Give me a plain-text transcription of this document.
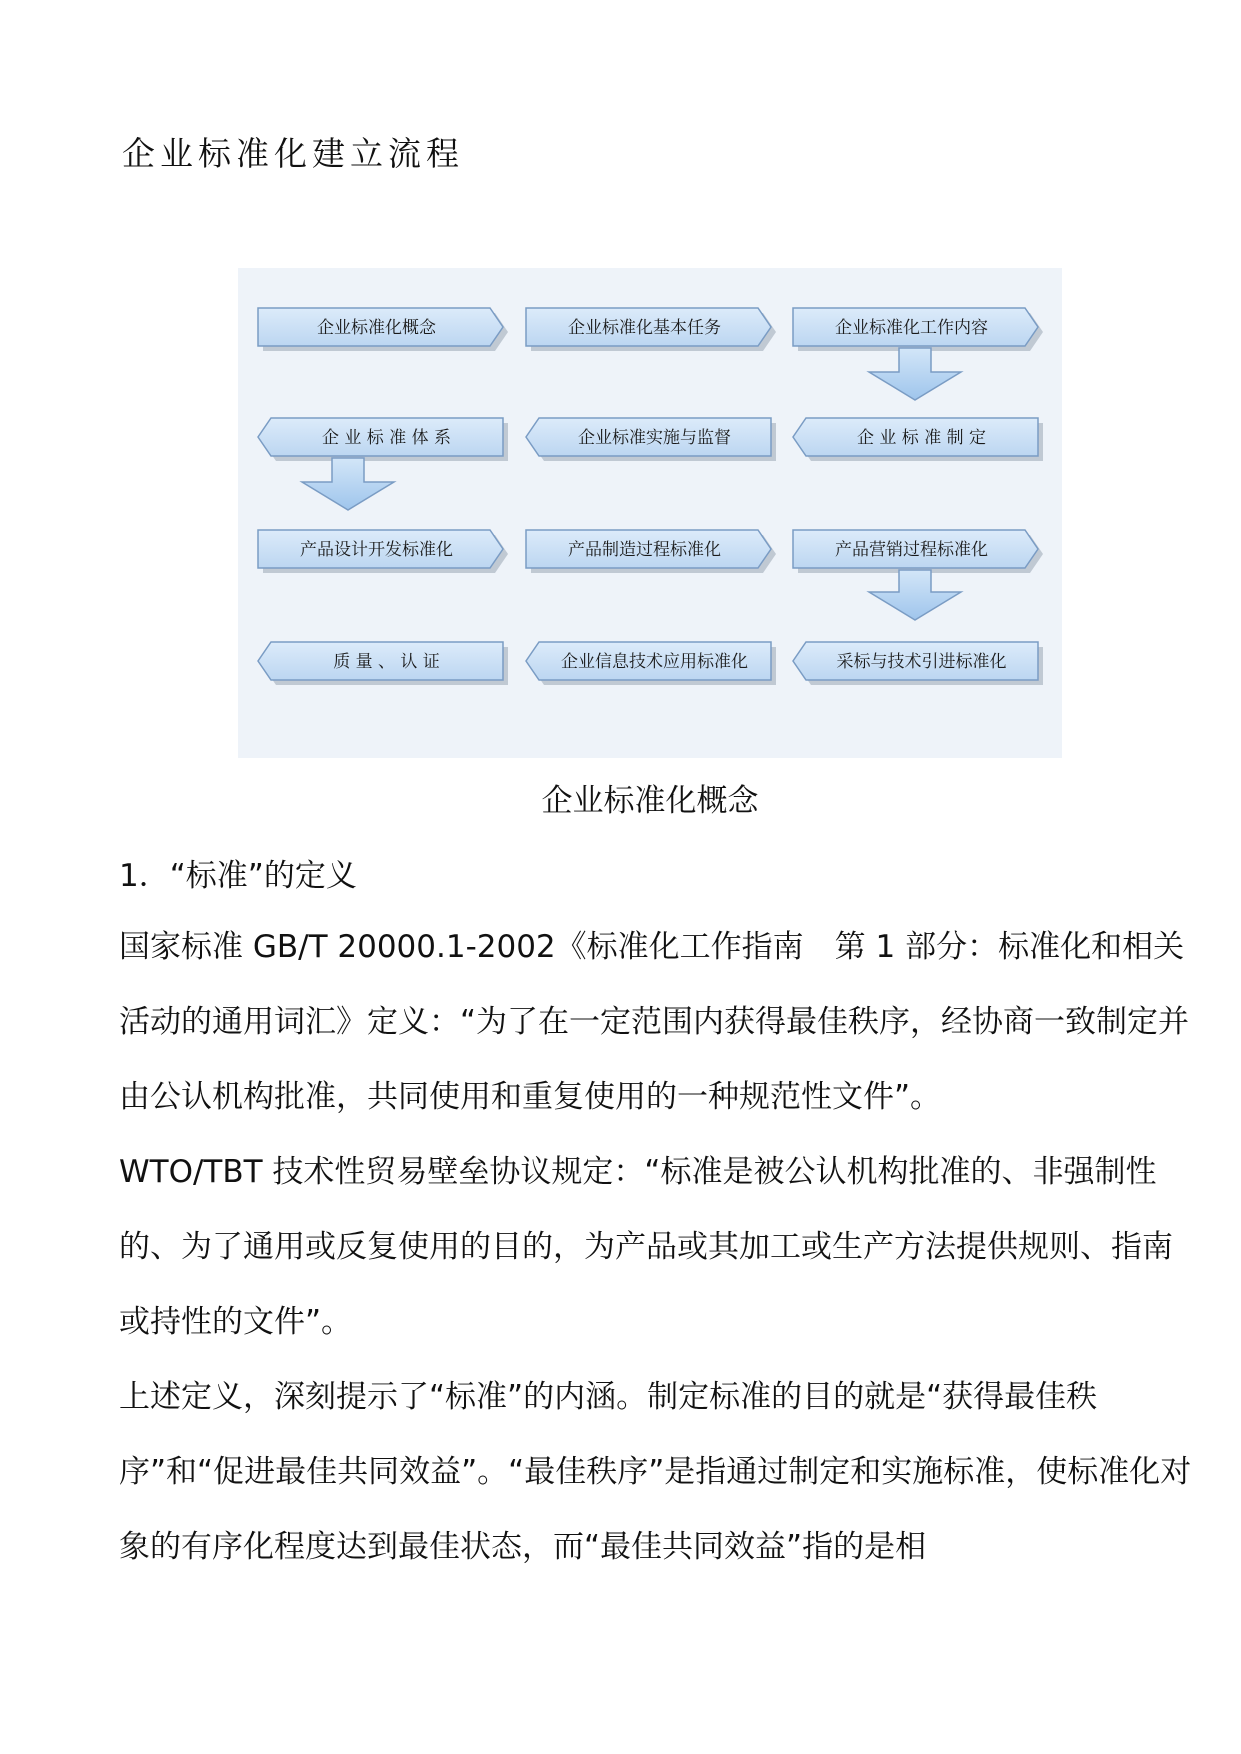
企业标准化建立流程
企业标准化概念	企业标准化基本任务	企业标准化工作内容
企 业 标 准 体 系	企业标准实施与监督	企 业 标 准 制 定
产品设计开发标准化	产品制造过程标准化	产品营销过程标准化
质 量 、 认 证	企业信息技术应用标准化	采标与技术引进标准化
企业标准化概念
1．“标准”的定义

国家标准 GB/T 20000.1-2002《标准化工作指南　第 1 部分：标准化和相关活动的通用词汇》定义：“为了在一定范围内获得最佳秩序，经协商一致制定并由公认机构批准，共同使用和重复使用的一种规范性文件”。

WTO/TBT 技术性贸易壁垒协议规定：“标准是被公认机构批准的、非强制性的、为了通用或反复使用的目的，为产品或其加工或生产方法提供规则、指南或持性的文件”。

上述定义，深刻提示了“标准”的内涵。制定标准的目的就是“获得最佳秩序”和“促进最佳共同效益”。“最佳秩序”是指通过制定和实施标准，使标准化对象的有序化程度达到最佳状态，而“最佳共同效益”指的是相
